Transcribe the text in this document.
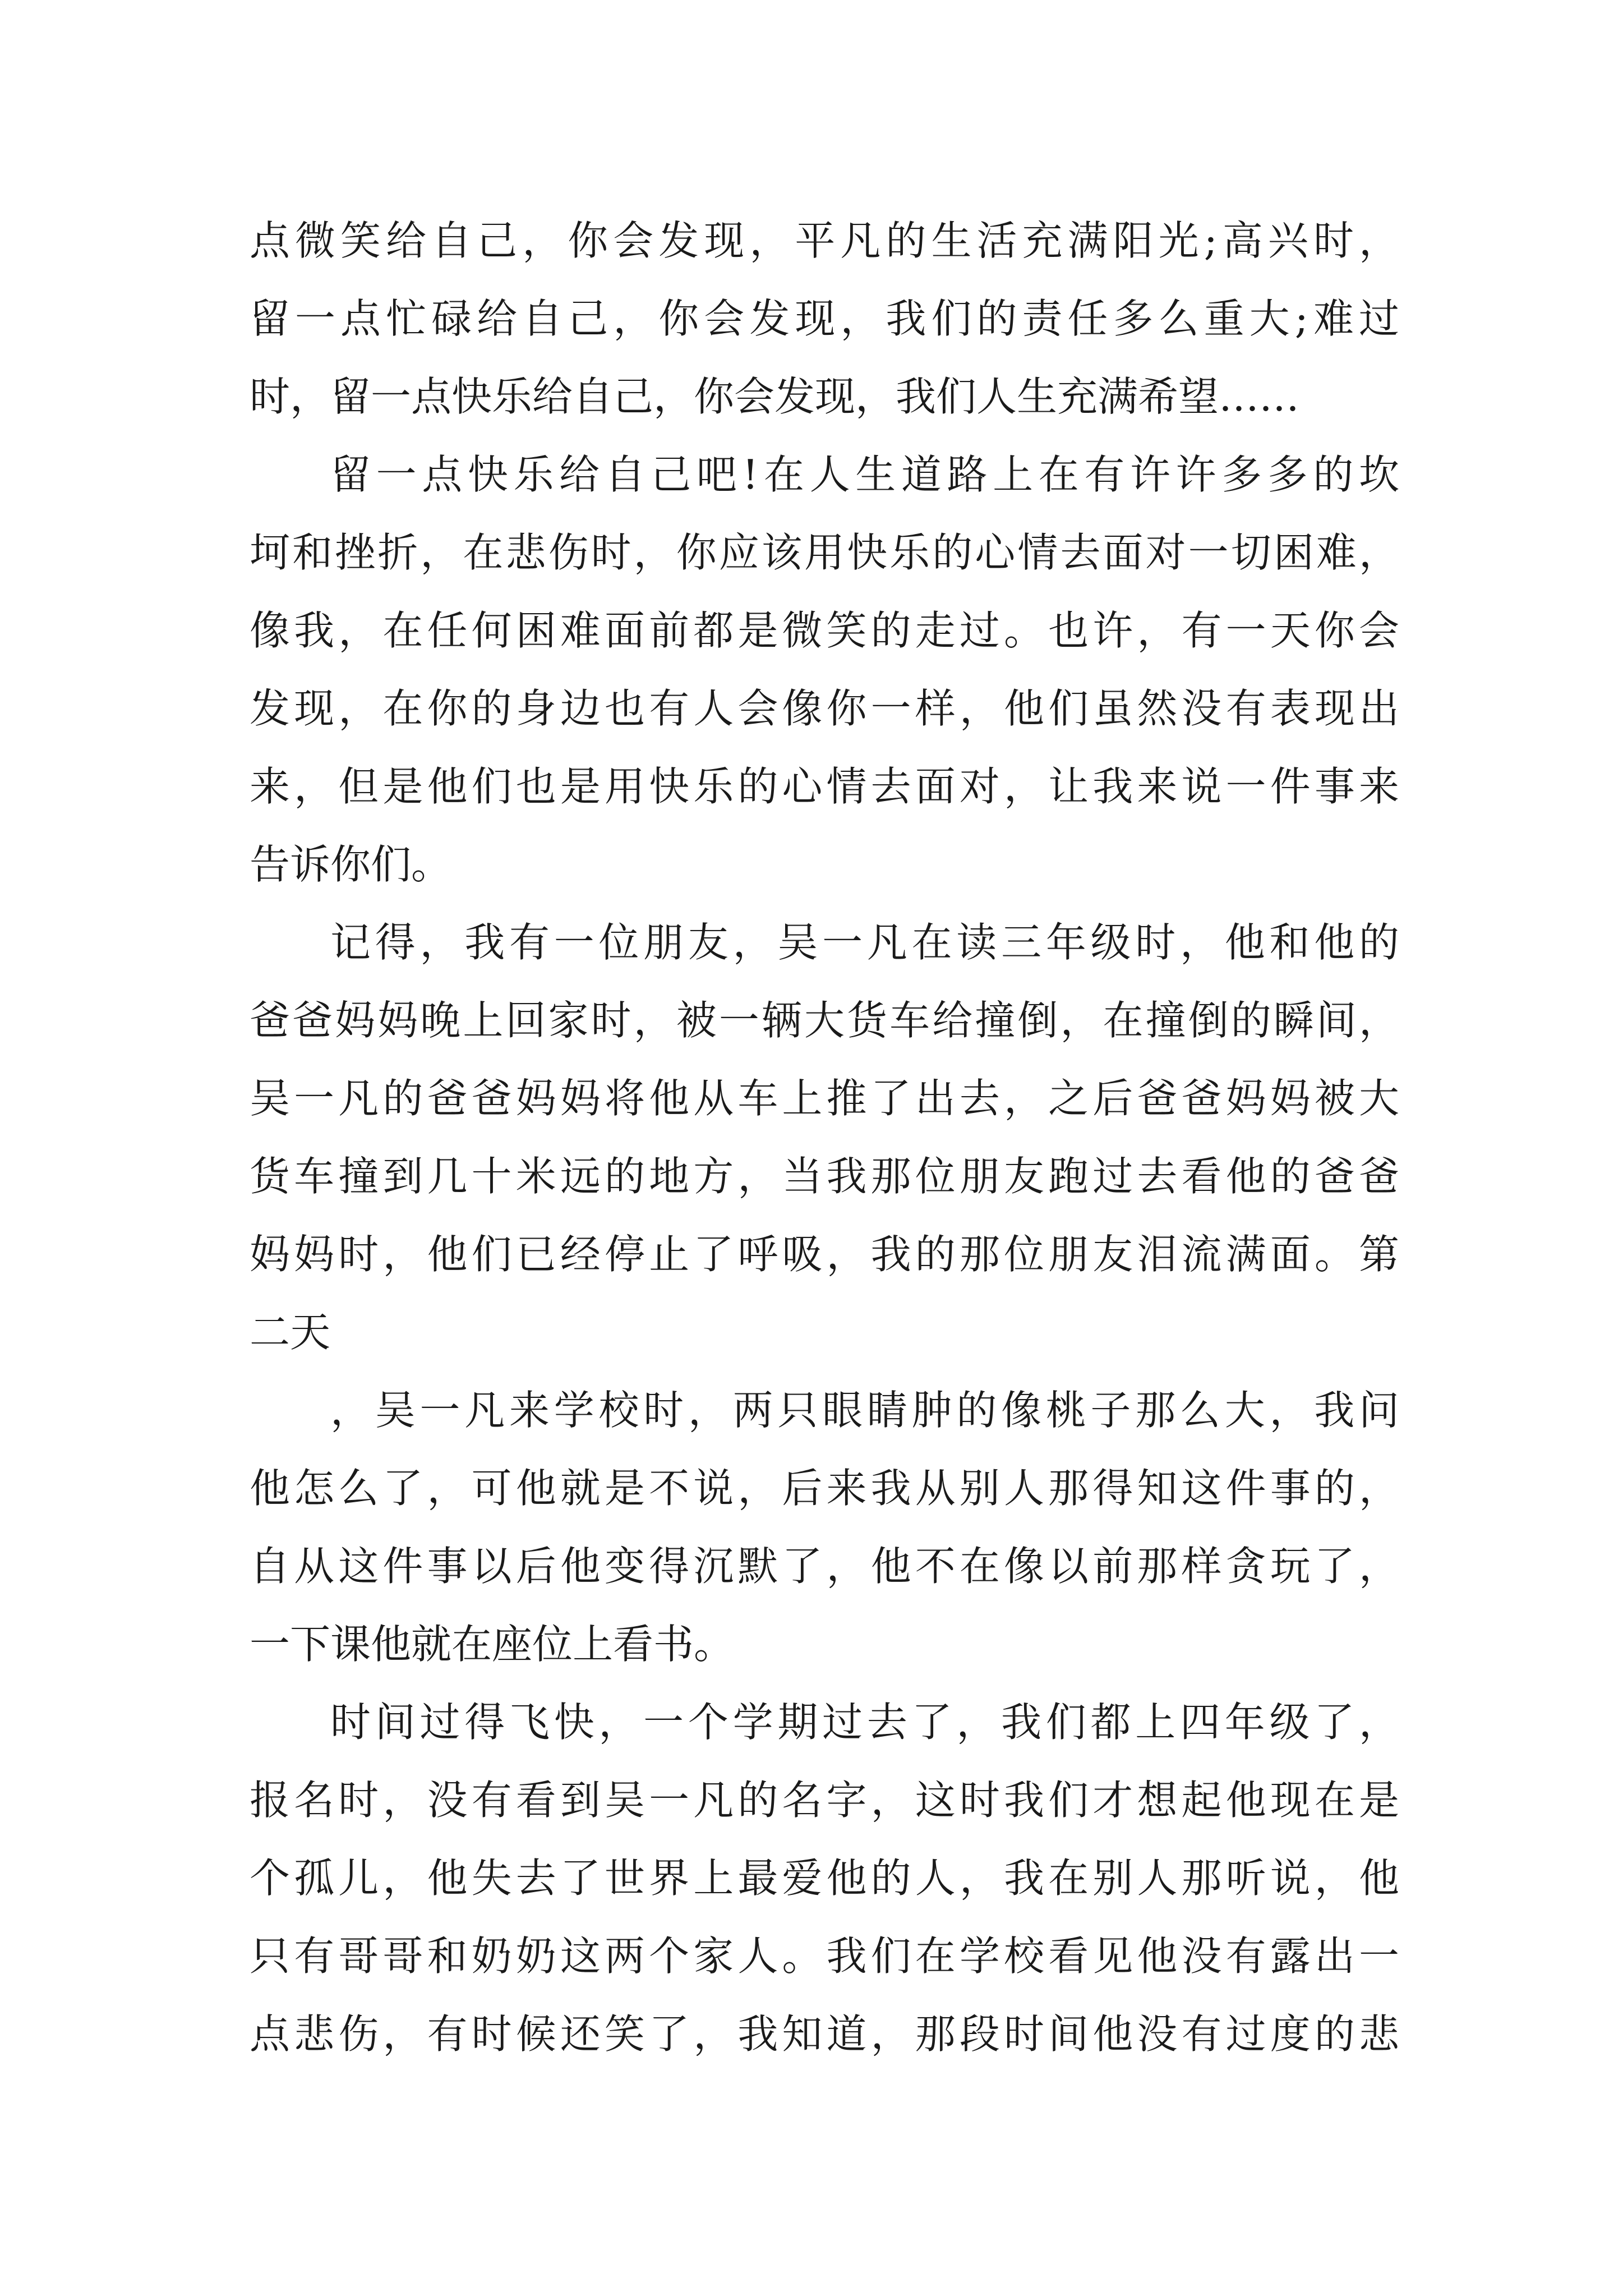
点微笑给自己，你会发现，平凡的生活充满阳光;高兴时，
留一点忙碌给自己，你会发现，我们的责任多么重大;难过
时，留一点快乐给自己，你会发现，我们人生充满希望……
留一点快乐给自己吧!在人生道路上在有许许多多的坎
坷和挫折，在悲伤时，你应该用快乐的心情去面对一切困难，
像我，在任何困难面前都是微笑的走过。也许，有一天你会
发现，在你的身边也有人会像你一样，他们虽然没有表现出
来，但是他们也是用快乐的心情去面对，让我来说一件事来
告诉你们。
记得，我有一位朋友，吴一凡在读三年级时，他和他的
爸爸妈妈晚上回家时，被一辆大货车给撞倒，在撞倒的瞬间，
吴一凡的爸爸妈妈将他从车上推了出去，之后爸爸妈妈被大
货车撞到几十米远的地方，当我那位朋友跑过去看他的爸爸
妈妈时，他们已经停止了呼吸，我的那位朋友泪流满面。第
二天
，吴一凡来学校时，两只眼睛肿的像桃子那么大，我问
他怎么了，可他就是不说，后来我从别人那得知这件事的，
自从这件事以后他变得沉默了，他不在像以前那样贪玩了，
一下课他就在座位上看书。
时间过得飞快，一个学期过去了，我们都上四年级了，
报名时，没有看到吴一凡的名字，这时我们才想起他现在是
个孤儿，他失去了世界上最爱他的人，我在别人那听说，他
只有哥哥和奶奶这两个家人。我们在学校看见他没有露出一
点悲伤，有时候还笑了，我知道，那段时间他没有过度的悲
